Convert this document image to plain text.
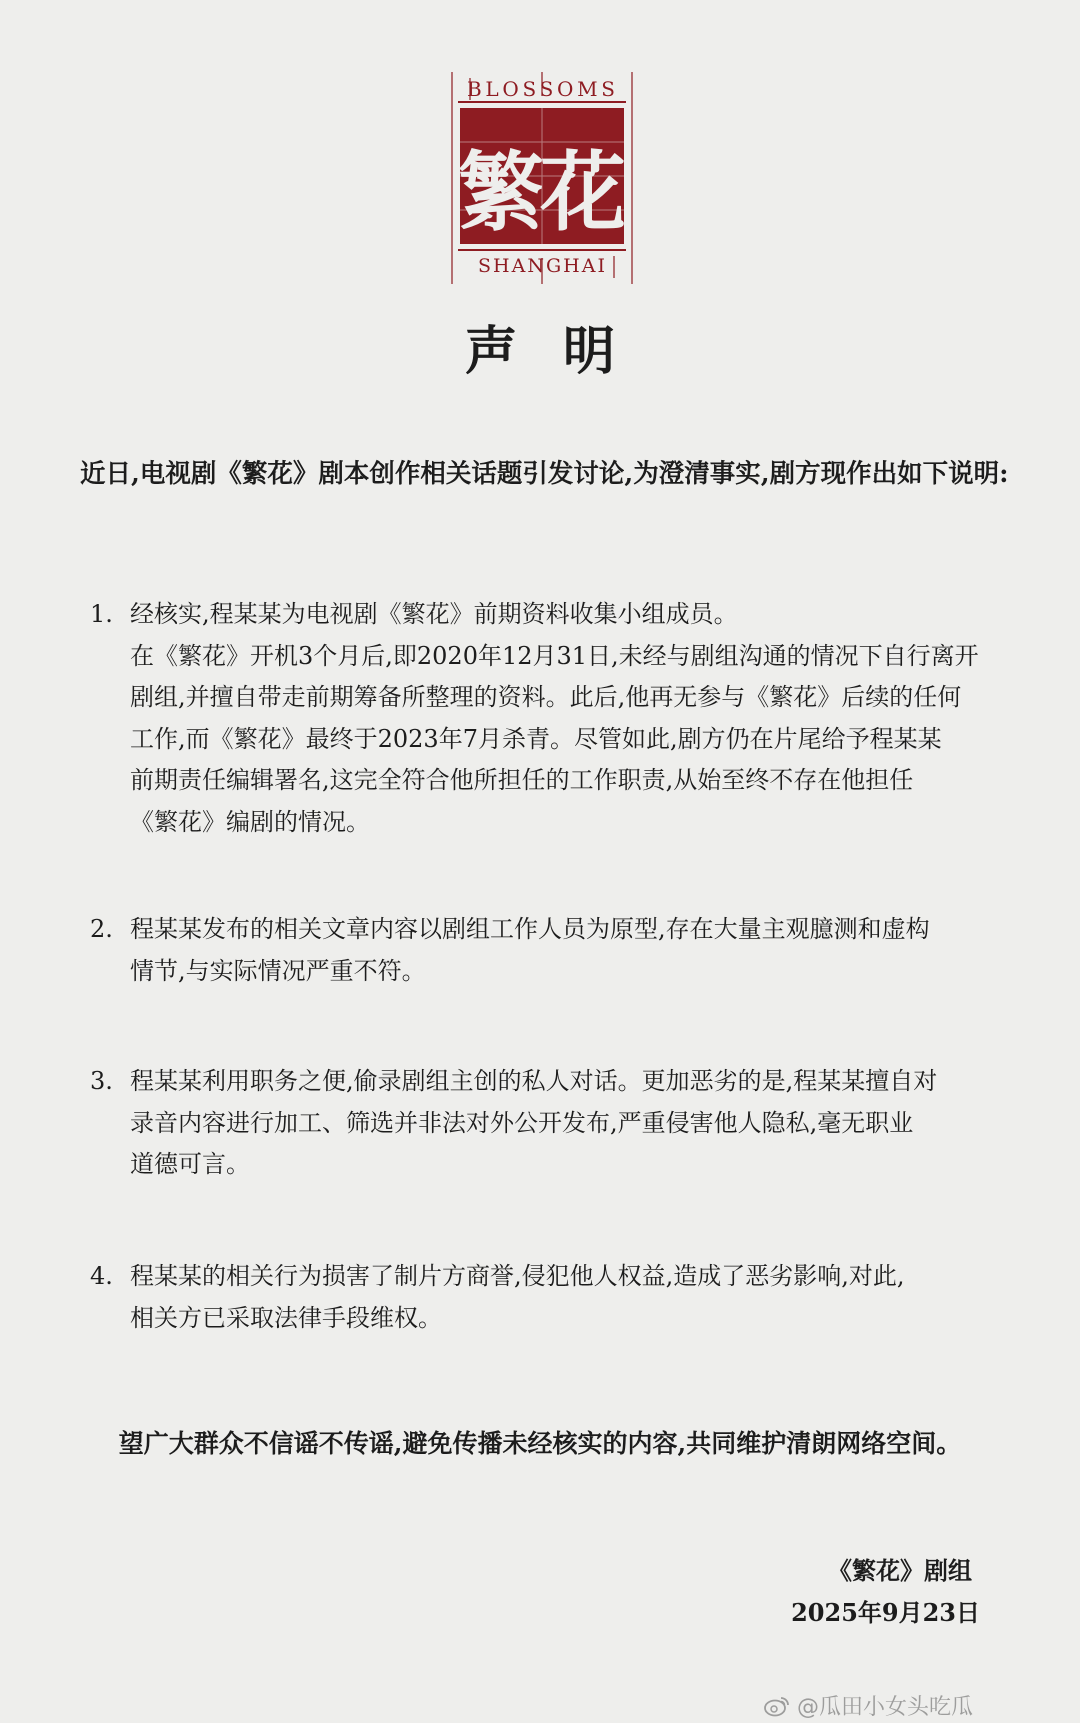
BLOSSOMS
繁
花
SHANGHAI
声明
近日,电视剧《繁花》剧本创作相关话题引发讨论,为澄清事实,剧方现作出如下说明:
1. 经核实,程某某为电视剧《繁花》前期资料收集小组成员。
在《繁花》开机3个月后,即2020年12月31日,未经与剧组沟通的情况下自行离开
剧组,并擅自带走前期筹备所整理的资料。此后,他再无参与《繁花》后续的任何
工作,而《繁花》最终于2023年7月杀青。尽管如此,剧方仍在片尾给予程某某
前期责任编辑署名,这完全符合他所担任的工作职责,从始至终不存在他担任
《繁花》编剧的情况。
2. 程某某发布的相关文章内容以剧组工作人员为原型,存在大量主观臆测和虚构
情节,与实际情况严重不符。
3. 程某某利用职务之便,偷录剧组主创的私人对话。更加恶劣的是,程某某擅自对
录音内容进行加工、筛选并非法对外公开发布,严重侵害他人隐私,毫无职业
道德可言。
4. 程某某的相关行为损害了制片方商誉,侵犯他人权益,造成了恶劣影响,对此,
相关方已采取法律手段维权。
望广大群众不信谣不传谣,避免传播未经核实的内容,共同维护清朗网络空间。
《繁花》剧组
2025年9月23日
@瓜田小女头吃瓜
